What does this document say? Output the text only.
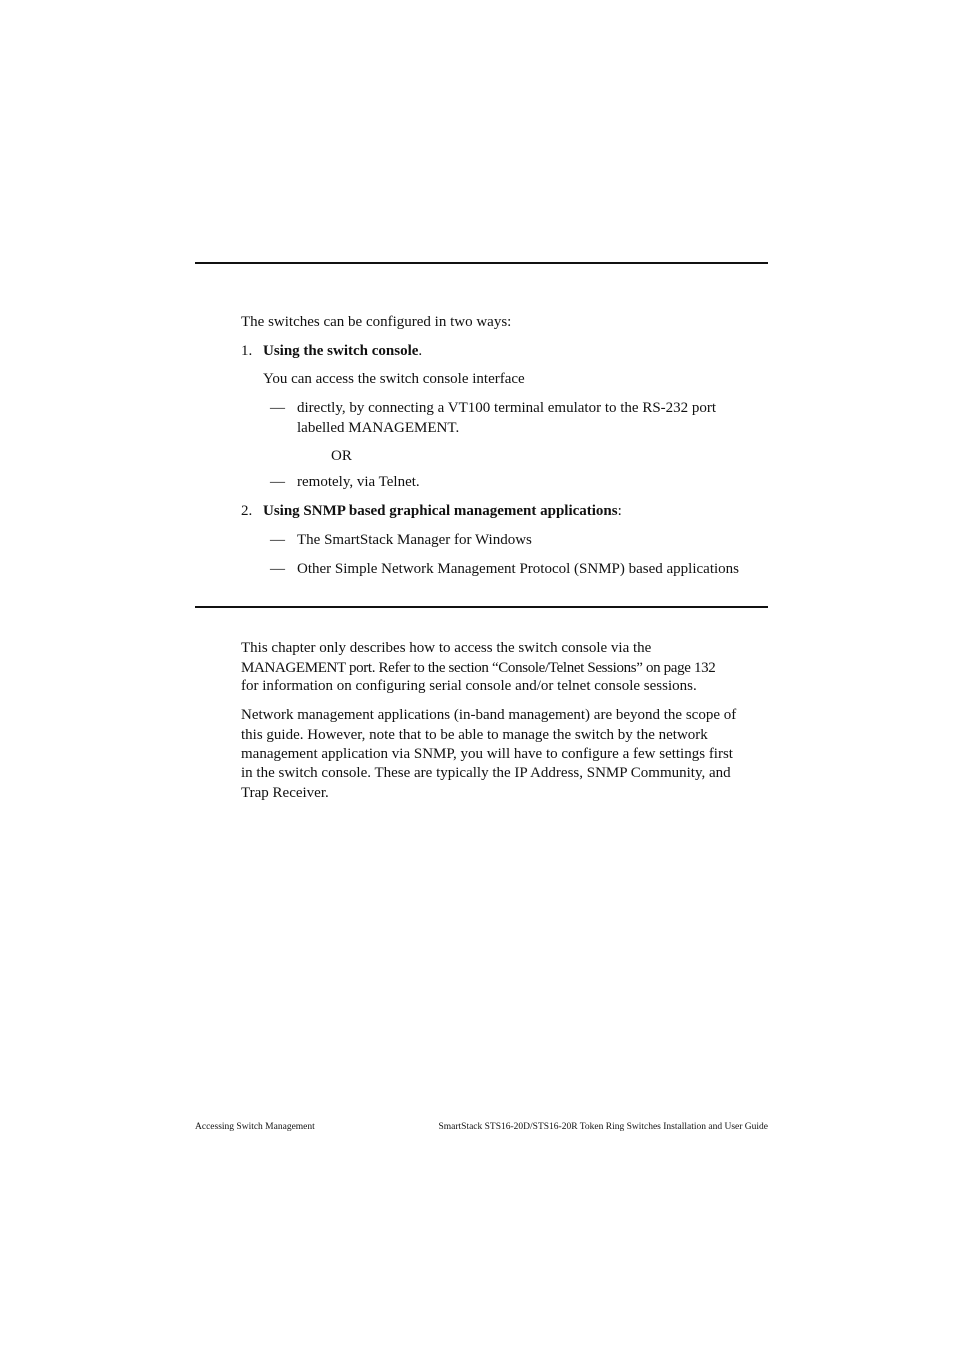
The switches can be configured in two ways:

1. Using the switch console.

You can access the switch console interface

— directly, by connecting a VT100 terminal emulator to the RS-232 port

labelled MANAGEMENT.

OR

— remotely, via Telnet.

2. Using SNMP based graphical management applications:
— The SmartStack Manager for Windows

— Other Simple Network Management Protocol (SNMP) based applications

This chapter only describes how to access the switch console via the

MANAGEMENT port. Refer to the section “Console/Telnet Sessions” on page 132

for information on configuring serial console and/or telnet console sessions.

Network management applications (in-band management) are beyond the scope of

this guide. However, note that to be able to manage the switch by the network

management application via SNMP, you will have to configure a few settings first

in the switch console. These are typically the IP Address, SNMP Community, and

Trap Receiver.

Accessing Switch Management	SmartStack STS16-20D/STS16-20R Token Ring Switches Installation and User Guide
